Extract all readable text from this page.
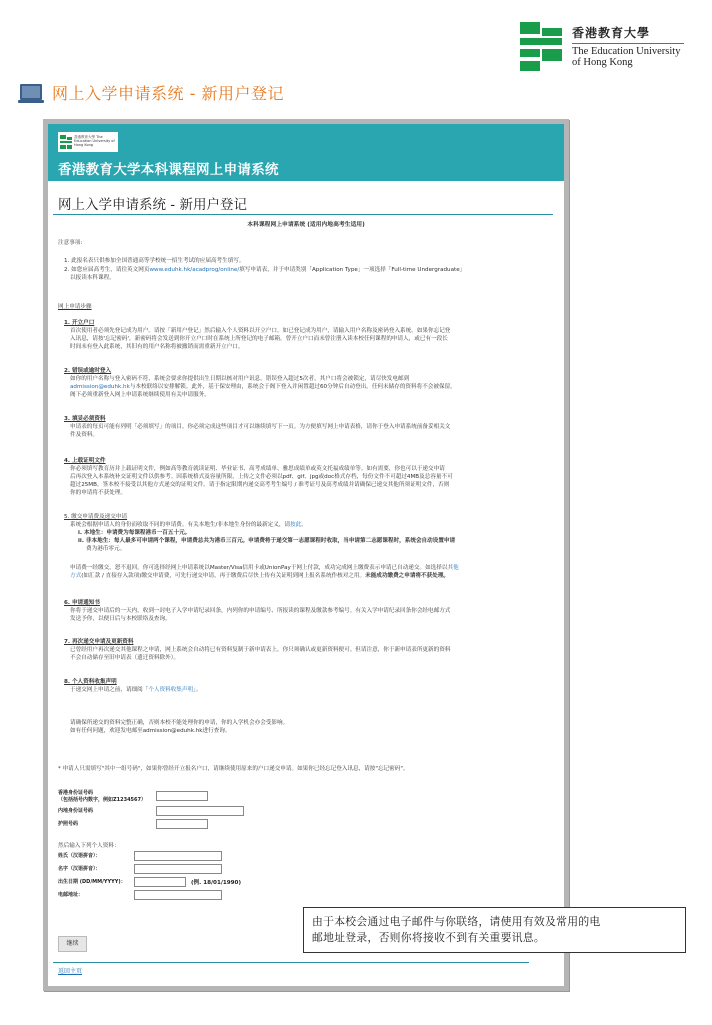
香港教育大學
The Education University
of Hong Kong
网上入学申请系统 - 新用户登记
香港教育大學 The Education University of Hong Kong
香港教育大学本科课程网上申请系统
网上入学申请系统 - 新用户登记
本科课程网上申请系统 (适用内地高考生适用)
注意事项:
1. 此报名表只供参加全国普通高等学校统一招生考试的应届高考生填写。
2. 如您应届高考生，请往英文网页www.eduhk.hk/acadprog/online/填写申请表，并于申请类别「Application Type」一项选择「Full-time Undergraduate」
以报读本科课程。
网上申请步骤
1. 开立户口
首次使用者必须先登记成为用户。请按「新用户登记」然后输入个人资料以开立户口。如已登记成为用户，请输入用户名称及密码登入系统。如果你忘记登
入讯息，请按'忘记密码'，新密码将会发送到你开立户口时在系统上所登记的电子邮箱。曾开立户口而未曾注册入读本校任何课程的申请人，或已有一段长
时间未有登入此系统，其旧有的用户名称将被撤销而需重新开立户口。
2. 错误或逾时登入
如你的用户名称与登入密码不符，系统会要求你提供出生日期以核对用户讯息。错误登入超过5次者，其户口将会被锁定，请尽快发电邮到
admission@eduhk.hk与本校联络以安排解锁。此外，基于保安理由，系统会于阁下登入并闲置超过60分钟后自动登出。任何未储存的资料将不会被保留，
阁下必须重新登入网上申请系统继续使用有关申请服务。
3. 填妥必须资料
申请表的每页可能有列明「必须填写」的项目。你必须完成这些项目才可以继续填写下一页。为方便填写网上申请表格，请你于登入申请系统前备妥相关文
件及资料。
4. 上载证明文件
你必须填写教育历并上载证明文件，例如高等教育就读证明、毕业证书、高考成绩单、雅思成绩单或英文托福成绩单等。如有需要，你也可以于递交申请
后再次登入本系统补交证明文件以供参考。因系统格式及容量所限，上传之文件必须以pdf、gif、jpg或doc格式存档，每份文件不可超过4MB及总容量不可
超过25MB。签本校不接受以其他方式递交的证明文件。请于指定限期内递交高考考生编号 / 准考证号及高考成绩并请确保已递交其他所须证明文件，否则
你的申请将不获处理。
5. 缴交申请费及递交申请
系统会根据申请人的身份而收取不同的申请费。有关本地生/非本地生身份的最新定义，请按此。
i. 本地生：申请费为每课程港币一百五十元。
ii. 非本地生：每人最多可申请两个课程，申请费总共为港币三百元。申请费将于递交第一志愿课程时收取，当申请第二志愿课程时，系统会自动设置申请
费为港币零元。
申请费一经缴交，恕不退回。你可选择经网上申请系统以Master/Visa信用卡或UnionPay于网上付款，成功完成网上缴费表示申请已自动递交。如选择以其他
方式(如汇款 / 直接存入款项)缴交申请费，可先行递交申请，再于缴费后尽快上传有关证明到网上报名系统作核对之用。未能成功缴费之申请将不获处理。
6. 申请通知书
你将于递交申请后的一天内，收到一封电子入学申请纪录回条，内列你的申请编号、所报读的课程及缴款参考编号。有关入学申请纪录回条你会经电邮方式
发送予你，以便日后与本校联络及查询。
7. 再次递交申请及更新资料
已曾经用户再次递交其他课程之申请，网上系统会自动将已有资料复制于新申请表上，你只须确认或更新资料便可。但请注意，你于新申请表所更新的资料
不会自动储存至旧申请表（遗迁资料除外）。
8. 个人资料收集声明
于递交网上申请之前，请细阅「个人资料收集声明」。
请确保所递交的资料完整正确，否则本校不能处理你的申请，你的入学机会亦会受影响。
如有任何问题，欢迎发电邮至admission@eduhk.hk进行查询。
* 申请人只需填写"其中一组号码"，如果你曾经开立报名户口，请继续使用原来的户口递交申请。如果你已经忘记登入讯息，请按"忘记密码"。
香港身份证号码
（包括括号内数字，例如Z1234567）
内地身份证号码
护照号码
然后输入下列个人资料：
姓氏（汉语拼音）：
名字（汉语拼音）：
出生日期 (DD/MM/YYYY)：	(例. 18/01/1990)
电邮地址：
继续
返回主页
由于本校会通过电子邮件与你联络，请使用有效及常用的电
邮地址登录，否则你将接收不到有关重要讯息。
